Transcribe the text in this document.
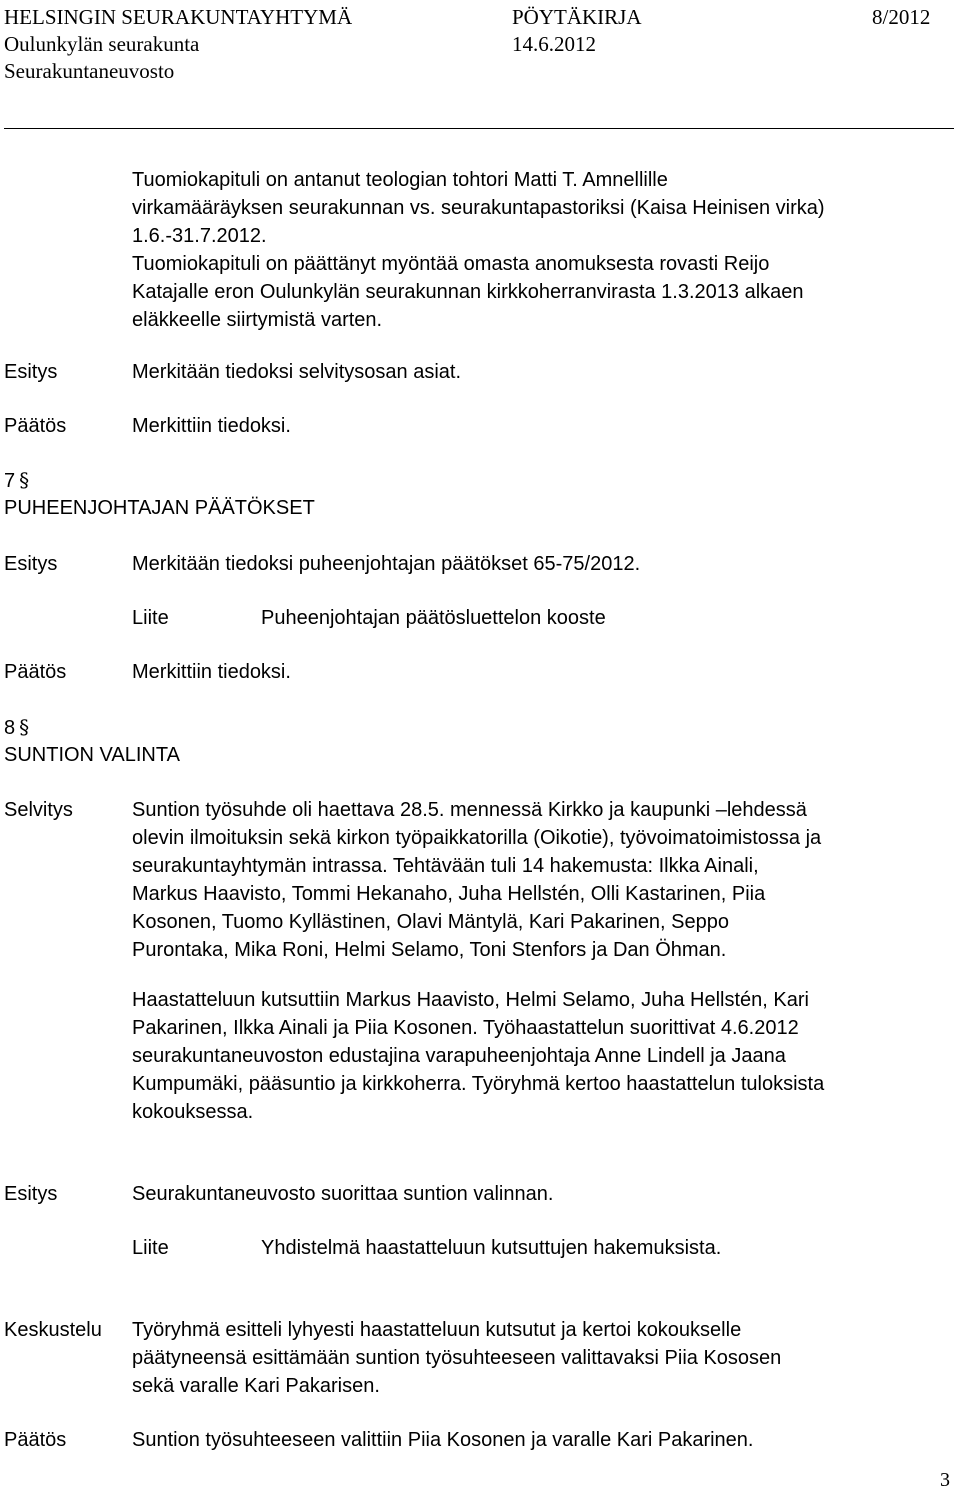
HELSINGIN SEURAKUNTAYHTYMÄ	PÖYTÄKIRJA	8/2012
Oulunkylän seurakunta	14.6.2012
Seurakuntaneuvosto
Tuomiokapituli on antanut teologian tohtori Matti T. Amnellille
virkamääräyksen seurakunnan vs. seurakuntapastoriksi (Kaisa Heinisen virka)
1.6.-31.7.2012.
Tuomiokapituli on päättänyt myöntää omasta anomuksesta rovasti Reijo
Katajalle eron Oulunkylän seurakunnan kirkkoherranvirasta 1.3.2013 alkaen
eläkkeelle siirtymistä varten.
Esitys	Merkitään tiedoksi selvitysosan asiat.
Päätös	Merkittiin tiedoksi.
7 §
PUHEENJOHTAJAN PÄÄTÖKSET
Esitys	Merkitään tiedoksi puheenjohtajan päätökset 65-75/2012.
Liite	Puheenjohtajan päätösluettelon kooste
Päätös	Merkittiin tiedoksi.
8 §
SUNTION VALINTA
Selvitys	Suntion työsuhde oli haettava 28.5. mennessä Kirkko ja kaupunki –lehdessä
olevin ilmoituksin sekä kirkon työpaikkatorilla (Oikotie), työvoimatoimistossa ja
seurakuntayhtymän intrassa. Tehtävään tuli 14 hakemusta: Ilkka Ainali,
Markus Haavisto, Tommi Hekanaho, Juha Hellstén, Olli Kastarinen, Piia
Kosonen, Tuomo Kyllästinen, Olavi Mäntylä, Kari Pakarinen, Seppo
Purontaka, Mika Roni, Helmi Selamo, Toni Stenfors ja Dan Öhman.
Haastatteluun kutsuttiin Markus Haavisto, Helmi Selamo, Juha Hellstén, Kari
Pakarinen, Ilkka Ainali ja Piia Kosonen. Työhaastattelun suorittivat 4.6.2012
seurakuntaneuvoston edustajina varapuheenjohtaja Anne Lindell ja Jaana
Kumpumäki, pääsuntio ja kirkkoherra. Työryhmä kertoo haastattelun tuloksista
kokouksessa.
Esitys	Seurakuntaneuvosto suorittaa suntion valinnan.
Liite	Yhdistelmä haastatteluun kutsuttujen hakemuksista.
Keskustelu Työryhmä esitteli lyhyesti haastatteluun kutsutut ja kertoi kokoukselle
päätyneensä esittämään suntion työsuhteeseen valittavaksi Piia Kososen
sekä varalle Kari Pakarisen.
Päätös	Suntion työsuhteeseen valittiin Piia Kosonen ja varalle Kari Pakarinen.
3
